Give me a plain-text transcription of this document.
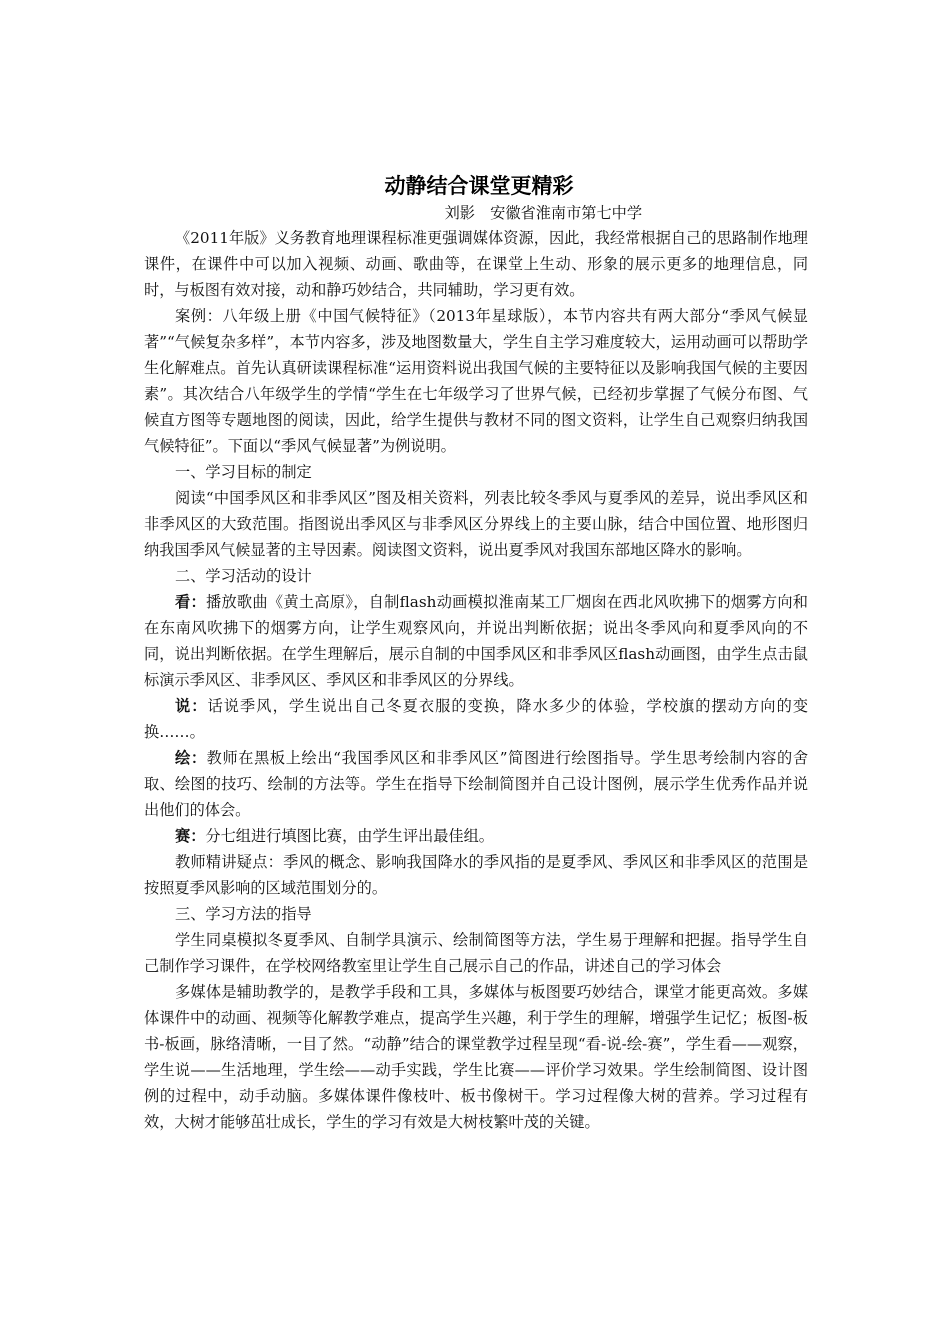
动静结合课堂更精彩

刘影　安徽省淮南市第七中学

《2011年版》义务教育地理课程标准更强调媒体资源，因此，我经常根据自己的思路制作地理课件，在课件中可以加入视频、动画、歌曲等，在课堂上生动、形象的展示更多的地理信息，同时，与板图有效对接，动和静巧妙结合，共同辅助，学习更有效。

案例：八年级上册《中国气候特征》（2013年星球版），本节内容共有两大部分“季风气候显著”“气候复杂多样”，本节内容多，涉及地图数量大，学生自主学习难度较大，运用动画可以帮助学生化解难点。首先认真研读课程标准“运用资料说出我国气候的主要特征以及影响我国气候的主要因素”。其次结合八年级学生的学情“学生在七年级学习了世界气候，已经初步掌握了气候分布图、气候直方图等专题地图的阅读，因此，给学生提供与教材不同的图文资料，让学生自己观察归纳我国气候特征”。下面以“季风气候显著”为例说明。

一、学习目标的制定

阅读“中国季风区和非季风区”图及相关资料，列表比较冬季风与夏季风的差异，说出季风区和非季风区的大致范围。指图说出季风区与非季风区分界线上的主要山脉，结合中国位置、地形图归纳我国季风气候显著的主导因素。阅读图文资料，说出夏季风对我国东部地区降水的影响。

二、学习活动的设计

看：播放歌曲《黄土高原》，自制flash动画模拟淮南某工厂烟囱在西北风吹拂下的烟雾方向和在东南风吹拂下的烟雾方向，让学生观察风向，并说出判断依据；说出冬季风向和夏季风向的不同，说出判断依据。在学生理解后，展示自制的中国季风区和非季风区flash动画图，由学生点击鼠标演示季风区、非季风区、季风区和非季风区的分界线。

说：话说季风，学生说出自己冬夏衣服的变换，降水多少的体验，学校旗的摆动方向的变换……。

绘：教师在黑板上绘出“我国季风区和非季风区”简图进行绘图指导。学生思考绘制内容的舍取、绘图的技巧、绘制的方法等。学生在指导下绘制简图并自己设计图例，展示学生优秀作品并说出他们的体会。

赛：分七组进行填图比赛，由学生评出最佳组。

教师精讲疑点：季风的概念、影响我国降水的季风指的是夏季风、季风区和非季风区的范围是按照夏季风影响的区域范围划分的。

三、学习方法的指导

学生同桌模拟冬夏季风、自制学具演示、绘制简图等方法，学生易于理解和把握。指导学生自己制作学习课件，在学校网络教室里让学生自己展示自己的作品，讲述自己的学习体会

多媒体是辅助教学的，是教学手段和工具，多媒体与板图要巧妙结合，课堂才能更高效。多媒体课件中的动画、视频等化解教学难点，提高学生兴趣，利于学生的理解，增强学生记忆；板图-板书-板画，脉络清晰，一目了然。“动静”结合的课堂教学过程呈现“看-说-绘-赛”，学生看——观察，学生说——生活地理，学生绘——动手实践，学生比赛——评价学习效果。学生绘制简图、设计图例的过程中，动手动脑。多媒体课件像枝叶、板书像树干。学习过程像大树的营养。学习过程有效，大树才能够茁壮成长，学生的学习有效是大树枝繁叶茂的关键。
